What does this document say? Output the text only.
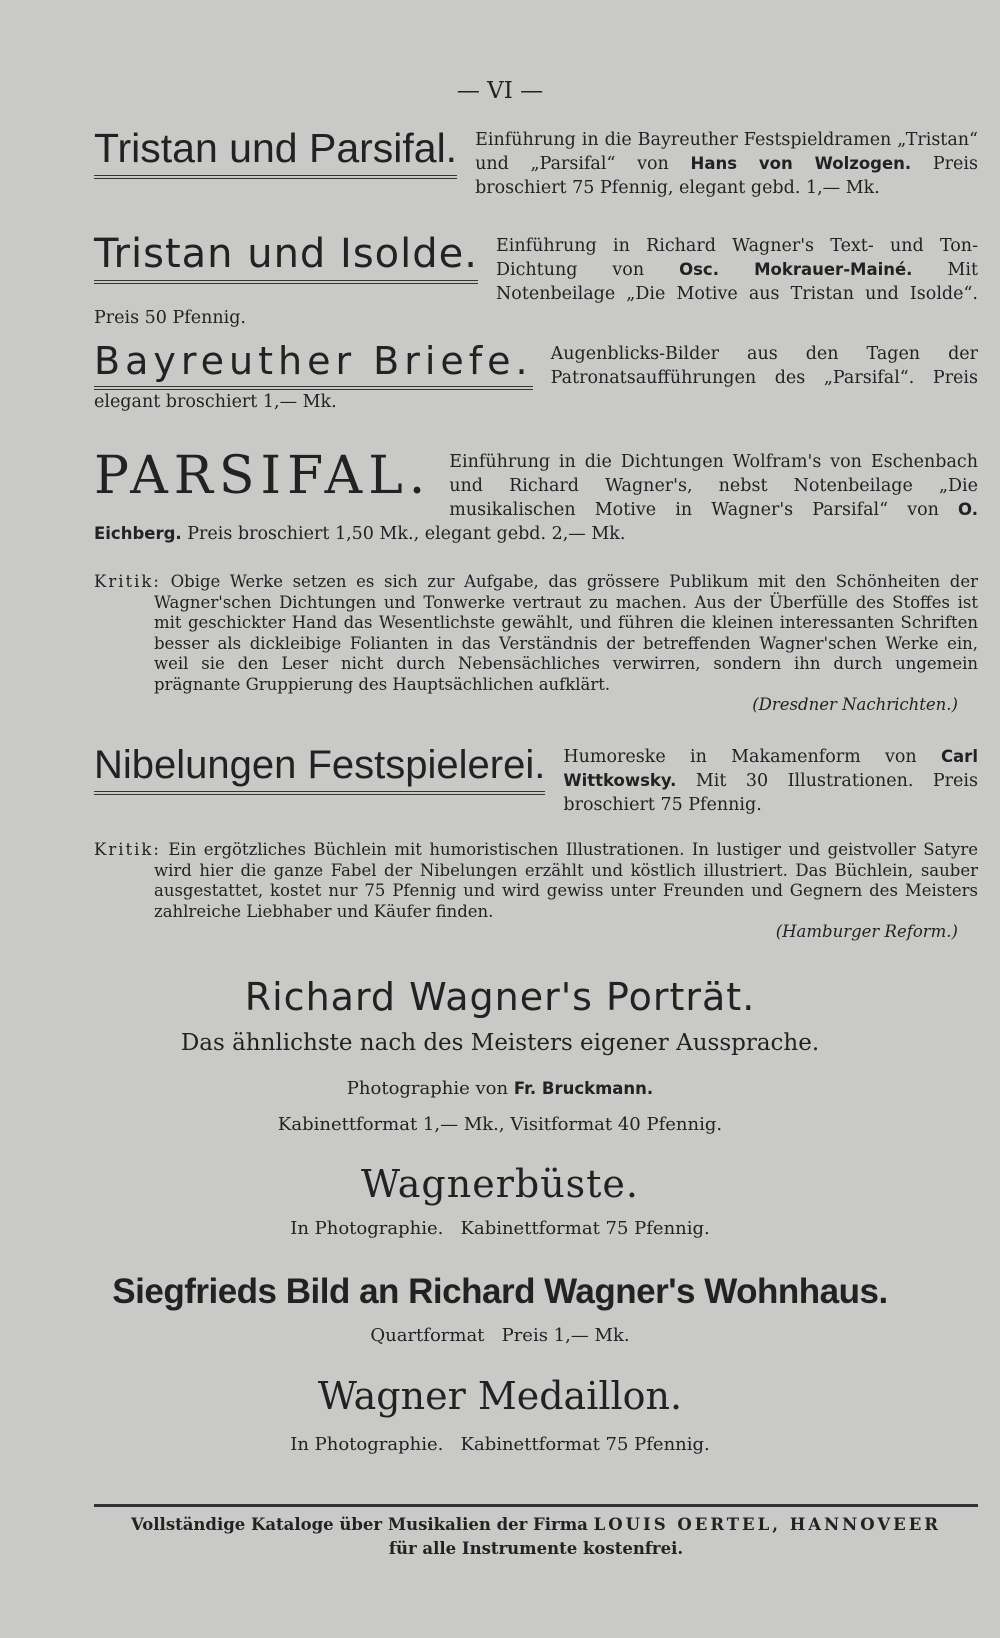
— VI —
Tristan und Parsifal.	Einführung in die Bayreuther Festspieldramen „Tristan“ und „Parsifal“ von Hans von Wolzogen. Preis broschiert 75 Pfennig, elegant gebd. 1,— Mk.
Tristan und Isolde.	Einführung in Richard Wagner's Text- und Ton-Dichtung von Osc. Mokrauer-Mainé. Mit Notenbeilage „Die Motive aus Tristan und Isolde“. Preis 50 Pfennig.
Bayreuther Briefe.	Augenblicks-Bilder aus den Tagen der Patronatsaufführungen des „Parsifal“. Preis elegant broschiert 1,— Mk.
PARSIFAL.	Einführung in die Dichtungen Wolfram's von Eschenbach und Richard Wagner's, nebst Notenbeilage „Die musikalischen Motive in Wagner's Parsifal“ von O. Eichberg. Preis broschiert 1,50 Mk., elegant gebd. 2,— Mk.
Kritik: Obige Werke setzen es sich zur Aufgabe, das grössere Publikum mit den Schönheiten der Wagner'schen Dichtungen und Tonwerke vertraut zu machen. Aus der Überfülle des Stoffes ist mit geschickter Hand das Wesentlichste gewählt, und führen die kleinen interessanten Schriften besser als dickleibige Folianten in das Verständnis der betreffenden Wagner'schen Werke ein, weil sie den Leser nicht durch Nebensächliches verwirren, sondern ihn durch ungemein prägnante Gruppierung des Hauptsächlichen aufklärt.
(Dresdner Nachrichten.)
Nibelungen Festspielerei.	Humoreske in Makamenform von Carl Wittkowsky. Mit 30 Illustrationen. Preis broschiert 75 Pfennig.
Kritik: Ein ergötzliches Büchlein mit humoristischen Illustrationen. In lustiger und geistvoller Satyre wird hier die ganze Fabel der Nibelungen erzählt und köstlich illustriert. Das Büchlein, sauber ausgestattet, kostet nur 75 Pfennig und wird gewiss unter Freunden und Gegnern des Meisters zahlreiche Liebhaber und Käufer finden.
(Hamburger Reform.)
Richard Wagner's Porträt.
Das ähnlichste nach des Meisters eigener Aussprache.
Photographie von Fr. Bruckmann.
Kabinettformat 1,— Mk., Visitformat 40 Pfennig.
Wagnerbüste.
In Photographie.   Kabinettformat 75 Pfennig.
Siegfrieds Bild an Richard Wagner's Wohnhaus.
Quartformat   Preis 1,— Mk.
Wagner Medaillon.
In Photographie.   Kabinettformat 75 Pfennig.
Vollständige Kataloge über Musikalien der Firma LOUIS OERTEL, HANNOVEER
für alle Instrumente kostenfrei.
